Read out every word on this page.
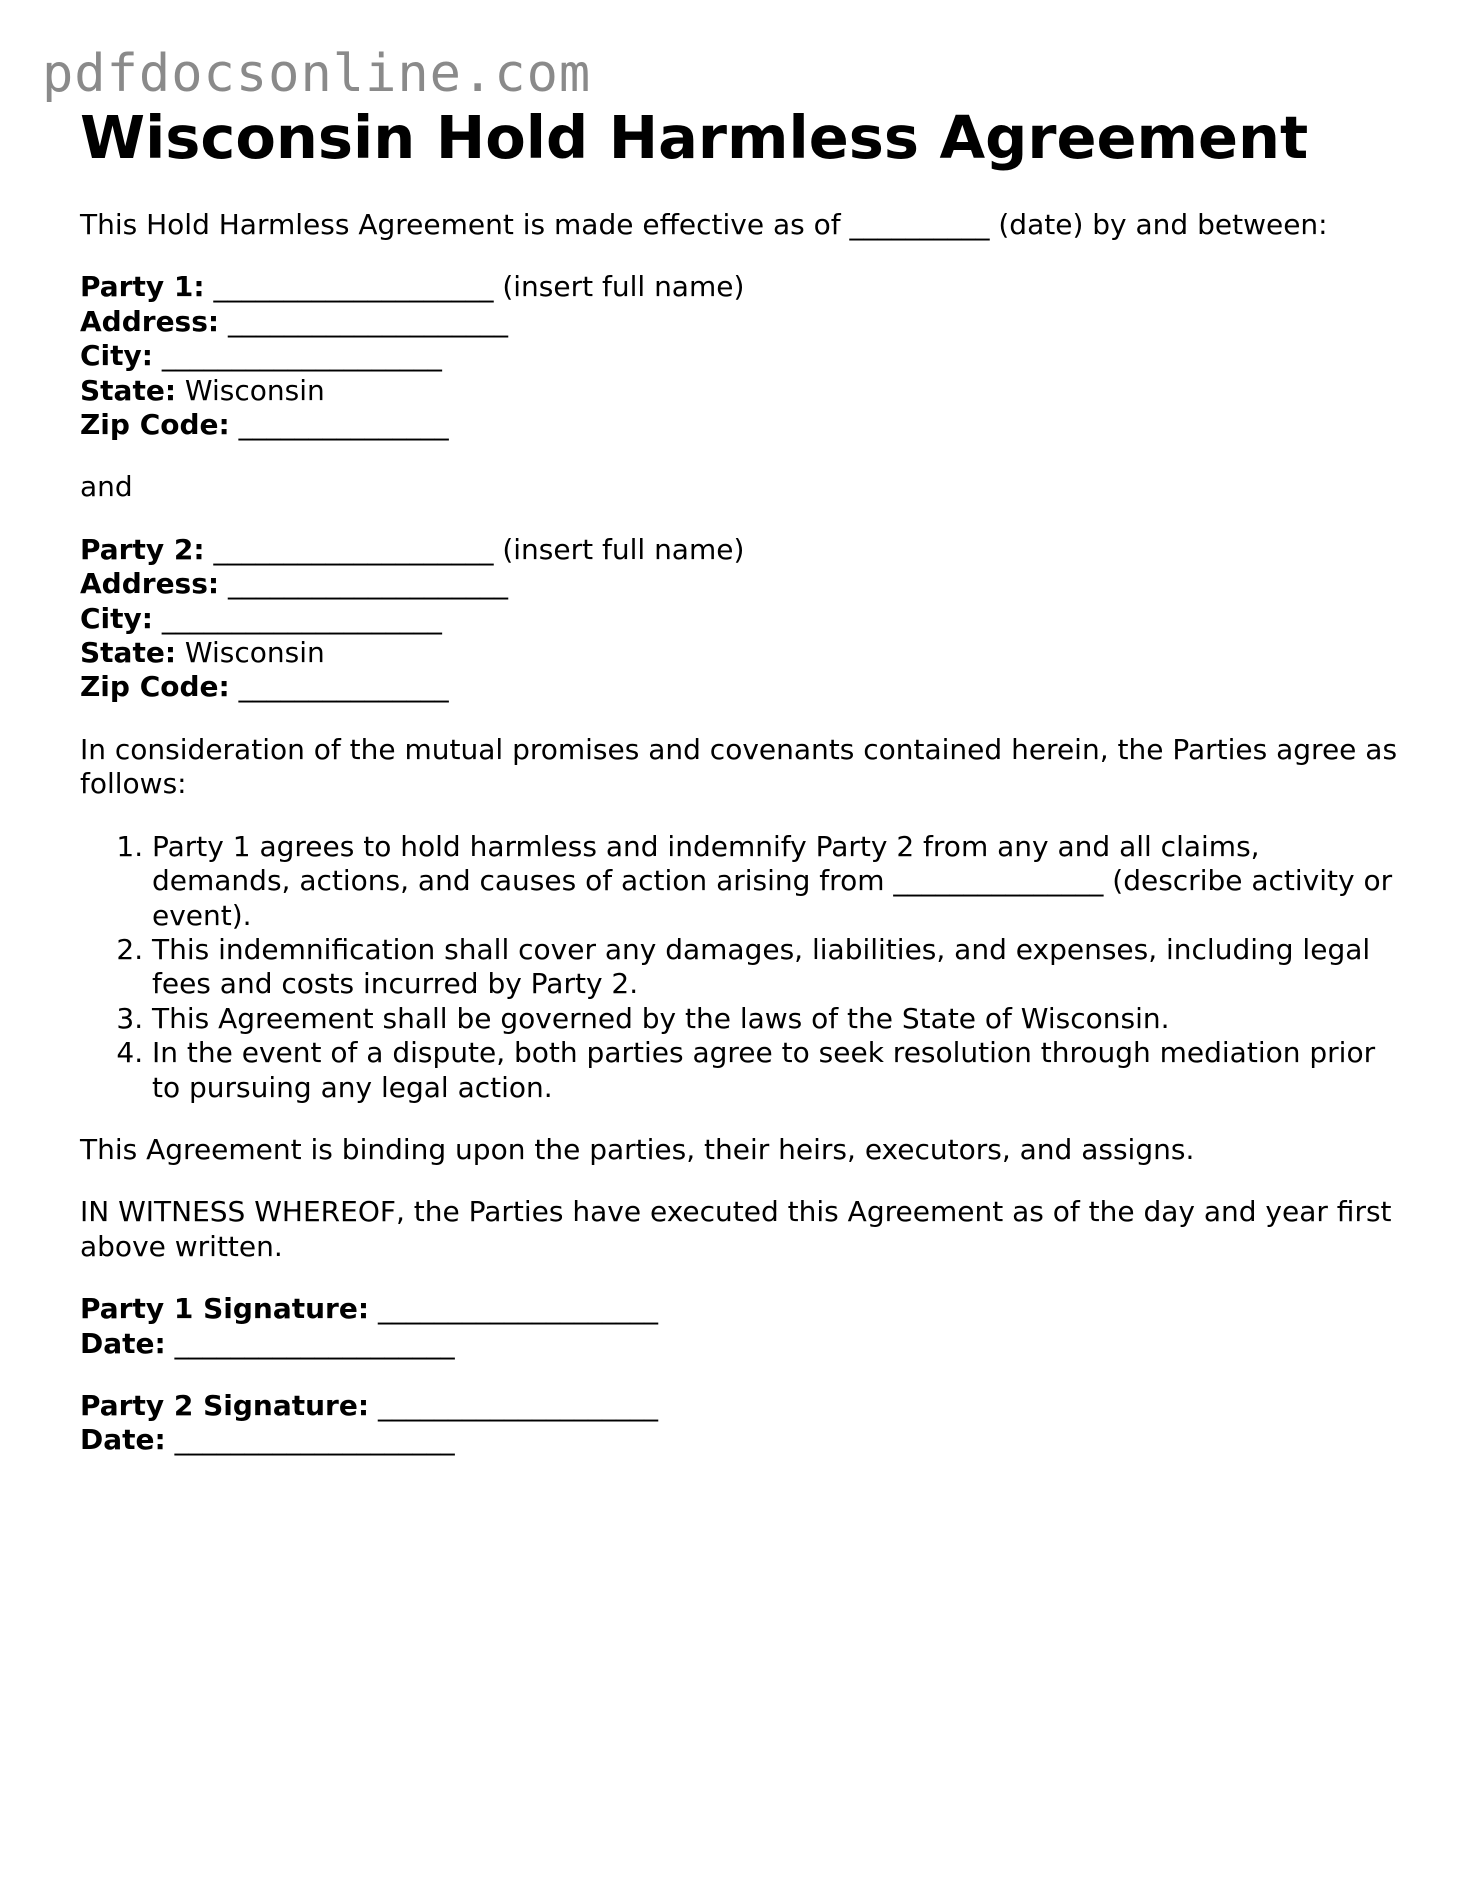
pdfdocsonline.com
Wisconsin Hold Harmless Agreement

This Hold Harmless Agreement is made effective as of __________ (date) by and between:

Party 1: ____________________ (insert full name)
Address: ____________________
City: ____________________
State: Wisconsin
Zip Code: _______________

and

Party 2: ____________________ (insert full name)
Address: ____________________
City: ____________________
State: Wisconsin
Zip Code: _______________

In consideration of the mutual promises and covenants contained herein, the Parties agree as follows:

1. Party 1 agrees to hold harmless and indemnify Party 2 from any and all claims, demands, actions, and causes of action arising from _______________ (describe activity or event).
2. This indemnification shall cover any damages, liabilities, and expenses, including legal fees and costs incurred by Party 2.
3. This Agreement shall be governed by the laws of the State of Wisconsin.
4. In the event of a dispute, both parties agree to seek resolution through mediation prior to pursuing any legal action.

This Agreement is binding upon the parties, their heirs, executors, and assigns.

IN WITNESS WHEREOF, the Parties have executed this Agreement as of the day and year first above written.

Party 1 Signature: ____________________
Date: ____________________
Party 2 Signature: ____________________
Date: ____________________
